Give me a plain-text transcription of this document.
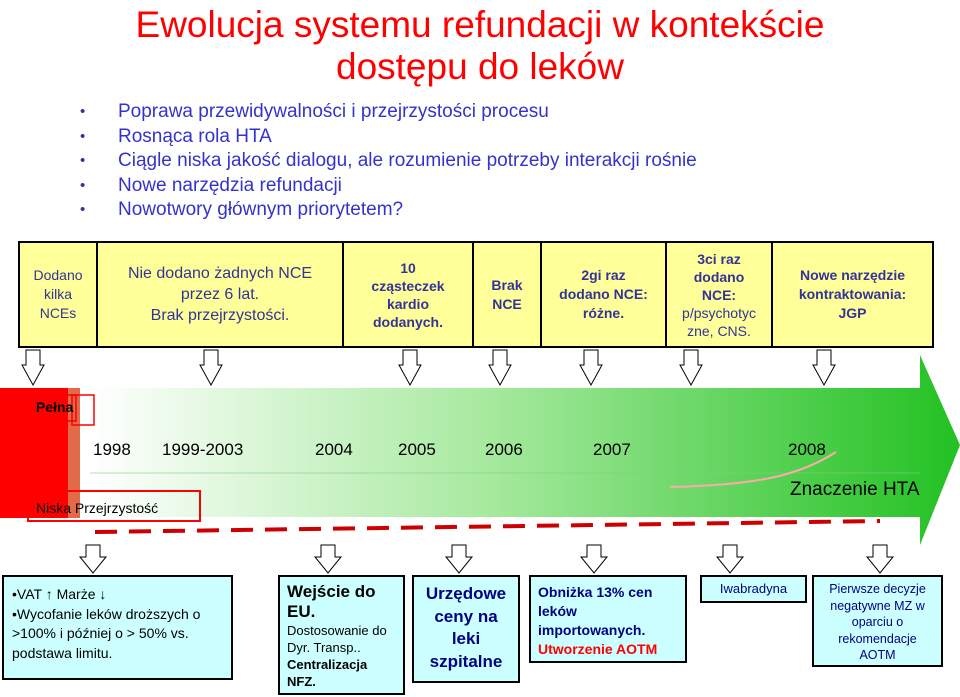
Ewolucja systemu refundacji w kontekście
dostępu do leków
• Poprawa przewidywalności i przejrzystości procesu
• Rosnąca rola HTA
• Ciągle niska jakość dialogu, ale rozumienie potrzeby interakcji rośnie
• Nowe narzędzia refundacji
• Nowotwory głównym priorytetem?
Pełna
Niska Przejrzystość
Znaczenie HTA
1998 1999-2003	2004	2005	2006	2007	2008
Dodano
kilka
NCEs
Nie dodano żadnych NCE
przez 6 lat.
Brak przejrzystości.
10
cząsteczek
kardio
dodanych.
Brak
NCE
2gi raz
dodano NCE:
różne.
3ci raz
dodano
NCE:
p/psychotyc
zne, CNS.
Nowe narzędzie
kontraktowania:
JGP
•VAT ↑ Marże ↓
•Wycofanie leków droższych o
>100% i później o > 50% vs.
podstawa limitu.
Wejście do
EU.
Dostosowanie do
Dyr. Transp..
Centralizacja
NFZ.
Urzędowe
ceny na
leki
szpitalne
Obniżka 13% cen
leków
importowanych.
Utworzenie AOTM
Iwabradyna	Pierwsze decyzje
negatywne MZ w
oparciu o
rekomendacje
AOTM
